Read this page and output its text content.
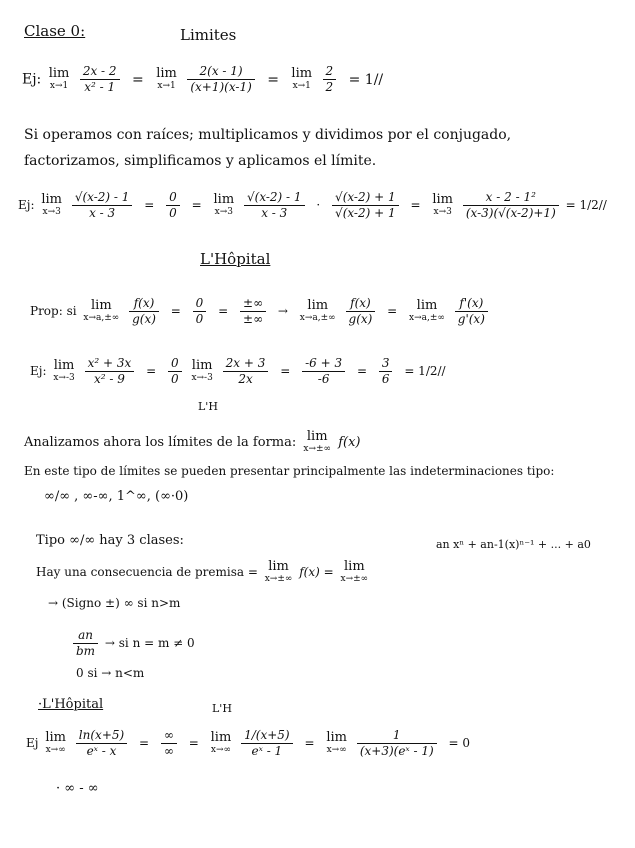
Clase 0:	Limites
Ej: lim
x→1
$\frac{2x - 2}{\text{x² - 1}} = \lim$
x→1
$\frac{2(x - 1)}{(x+1)(x-1)} = \lim$
x→1
$\frac{2}{2} = 1//$
Si operamos con raíces; multiplicamos y dividimos por el conjugado,
factorizamos, simplificamos y aplicamos el límite.
Ej: lim
x→3
$\frac{√(x-2) - 1}{x - 3} = \frac{0}{0} = \lim$
x→3
$\frac{√(x-2) - 1}{x - 3} \cdot \frac{√(x-2) + 1}{√(x-2) + 1} = \lim$
x→3
$\frac{\text{x - 2 - 1²}}{(x-3)(√(x-2)+1)} = 1/2//$
L'Hôpital
Prop: si	lim
x→a,±∞
$\frac{f(x)}{g(x)} = \frac{0}{0} = \frac{\pm\infty}{\pm\infty}$ →	lim
x→a,±∞
$\frac{f(x)}{g(x)}$ =	lim
x→a,±∞
$\frac{f'(x)}{g'(x)}$
Ej: lim
x→-3
$\frac{\text{x² + 3x}}{\text{x² - 9}} = \frac{0}{0}$
lim
x→-3
$\frac{2x + 3}{2x} = \frac{-6 + 3}{-6} = \frac{3}{6} = 1/2//$
L'H
Analizamos ahora los límites de la forma: lim
x→±∞ f(x)
En este tipo de límites se pueden presentar principalmente las indeterminaciones tipo:
∞/∞ , ∞-∞, 1^∞, (∞·0)
Tipo ∞/∞ hay 3 clases:
Hay una consecuencia de premisa = lim
x→±∞ f(x) = lim
x→±∞
an xⁿ + an-1(x)ⁿ⁻¹ + ... + a0
→ (Signo ±) ∞ si n>m
$\frac{an}{bm}$ → si n = m ≠ 0
0 si → n<m
·L'Hôpital	L'H
Ej lim
x→∞
$\frac{\ln(x+5)}{\text{eˣ - x}} = \frac{\infty}{\infty} = \lim$
x→∞
$\frac{1/(x+5)}{\text{eˣ - 1}} = \lim$
x→∞
$\frac{1}{\text{(x+3)(eˣ - 1)}} = 0$
· ∞ - ∞
